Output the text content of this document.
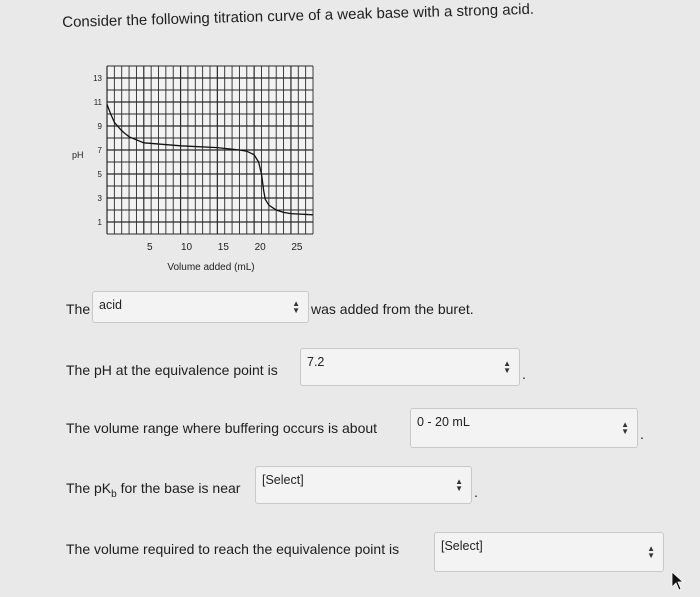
Consider the following titration curve of a weak base with a strong acid.
13
11
9
7
5
3
1
5	10	15	20	25
pH
Volume added (mL)
The acid	▲
▼ was added from the buret.
The pH at the equivalence point is 7.2	▲
▼ .
The volume range where buffering occurs is about	0 - 20 mL	▲
▼ .
The $pK_b$ for the base is near [Select]	▲
▼ .
The volume required to reach the equivalence point is	[Select]	▲
▼
